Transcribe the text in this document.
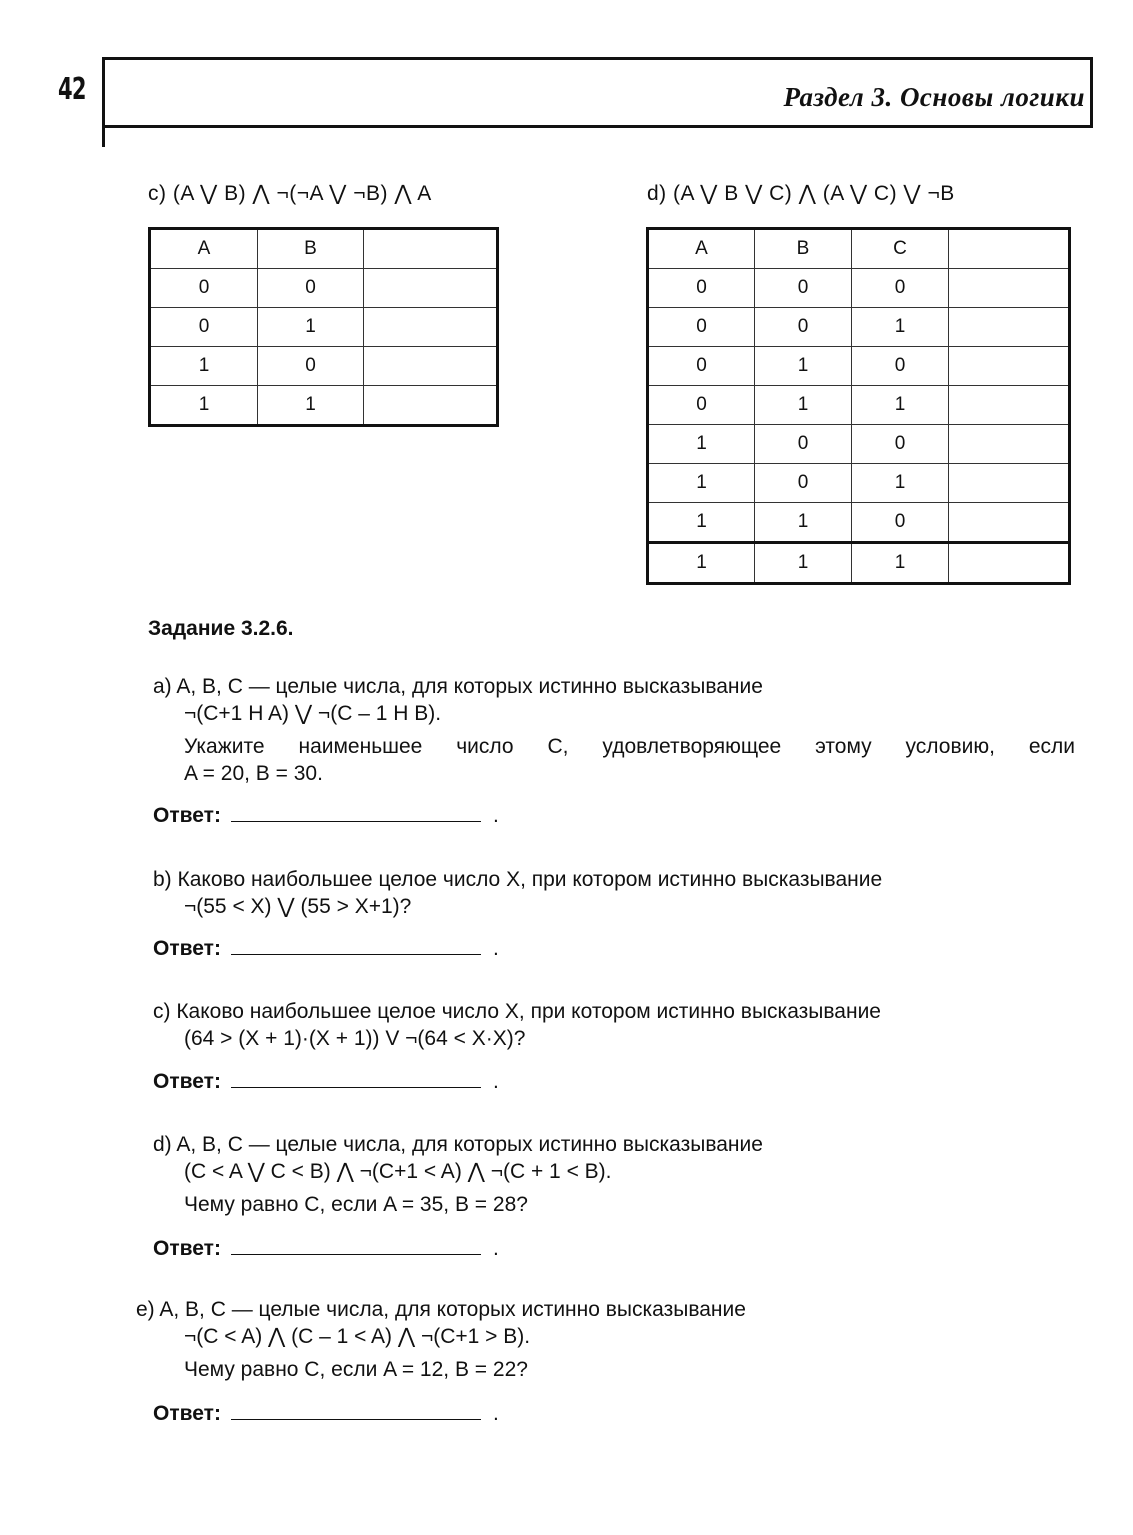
42	Раздел 3. Основы логики
c) (A ⋁ B) ⋀ ¬(¬A ⋁ ¬B) ⋀ A
A	B	
0	0	
0	1	
1	0	
1	1	
d) (A ⋁ B ⋁ C) ⋀ (A ⋁ C) ⋁ ¬B
A	B	C	
0	0	0	
0	0	1	
0	1	0	
0	1	1	
1	0	0	
1	0	1	
1	1	0	
1	1	1	
Задание 3.2.6.
a) A, B, C — целые числа, для которых истинно высказывание
¬(C+1 H A) ⋁ ¬(C – 1 H B).
Укажите наименьшее число C, удовлетворяющее этому условию, если
A = 20, B = 30.
Ответ:	.
b) Каково наибольшее целое число X, при котором истинно высказывание
¬(55 < X) ⋁ (55 > X+1)?
Ответ:	.
c) Каково наибольшее целое число X, при котором истинно высказывание
(64 > (X + 1)·(X + 1)) V ¬(64 < X·X)?
Ответ:	.
d) A, B, C — целые числа, для которых истинно высказывание
(C < A ⋁ C < B) ⋀ ¬(C+1 < A) ⋀ ¬(C + 1 < B).
Чему равно C, если A = 35, B = 28?
Ответ:	.
e) A, B, C — целые числа, для которых истинно высказывание
¬(C < A) ⋀ (C – 1 < A) ⋀ ¬(C+1 > B).
Чему равно C, если A = 12, B = 22?
Ответ:	.
